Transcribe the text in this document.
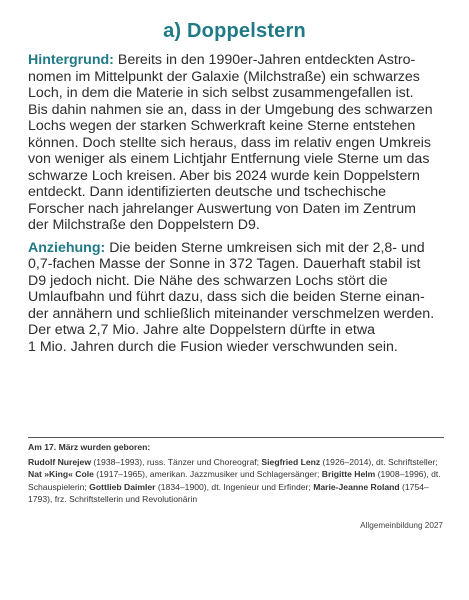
a) Doppelstern
Hintergrund: Bereits in den 1990er-Jahren entdeckten Astro-
nomen im Mittelpunkt der Galaxie (Milchstraße) ein schwarzes
Loch, in dem die Materie in sich selbst zusammengefallen ist.
Bis dahin nahmen sie an, dass in der Umgebung des schwarzen
Lochs wegen der starken Schwerkraft keine Sterne entstehen
können. Doch stellte sich heraus, dass im relativ engen Umkreis
von weniger als einem Lichtjahr Entfernung viele Sterne um das
schwarze Loch kreisen. Aber bis 2024 wurde kein Doppelstern
entdeckt. Dann identifizierten deutsche und tschechische
Forscher nach jahrelanger Auswertung von Daten im Zentrum
der Milchstraße den Doppelstern D9.
Anziehung: Die beiden Sterne umkreisen sich mit der 2,8- und
0,7-fachen Masse der Sonne in 372 Tagen. Dauerhaft stabil ist
D9 jedoch nicht. Die Nähe des schwarzen Lochs stört die
Umlaufbahn und führt dazu, dass sich die beiden Sterne einan-
der annähern und schließlich miteinander verschmelzen werden.
Der etwa 2,7 Mio. Jahre alte Doppelstern dürfte in etwa
1 Mio. Jahren durch die Fusion wieder verschwunden sein.
Am 17. März wurden geboren:
Rudolf Nurejew (1938–1993), russ. Tänzer und Choreograf; Siegfried Lenz (1926–2014), dt. Schriftsteller; Nat »King« Cole (1917–1965), amerikan. Jazzmusiker und Schlagersänger; Brigitte Helm (1908–1996), dt. Schauspielerin; Gottlieb Daimler (1834–1900), dt. Ingenieur und Erfinder; Marie-Jeanne Roland (1754–1793), frz. Schriftstellerin und Revolutionärin
Allgemeinbildung 2027
